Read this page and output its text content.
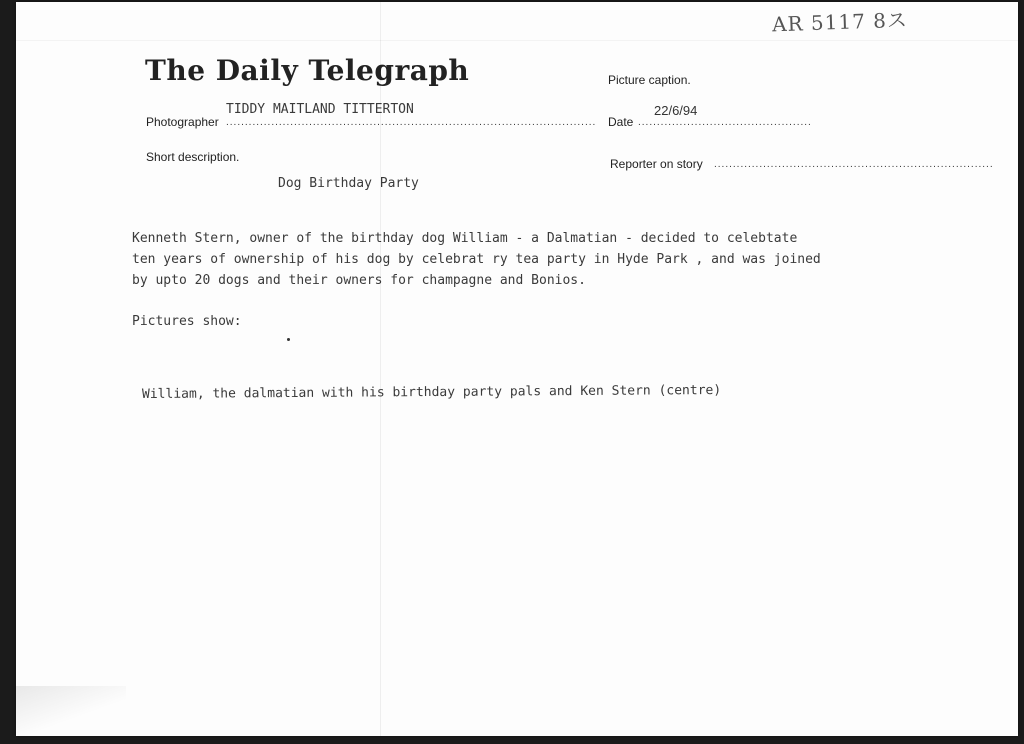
AR 5117 8ス
The Daily Telegraph
TIDDY MAITLAND TITTERTON
Photographer ..................................................................................................
Picture caption.
22/6/94
Date ..............................................
Reporter on story ..........................................................................
Short description.
Dog Birthday Party
Kenneth Stern, owner of the birthday dog William - a Dalmatian - decided to celebtate
ten years of ownership of his dog by celebrat ry tea party in Hyde Park , and was joined
by upto 20 dogs and their owners for champagne and Bonios.
Pictures show:
William, the dalmatian with his birthday party pals and Ken Stern (centre)
